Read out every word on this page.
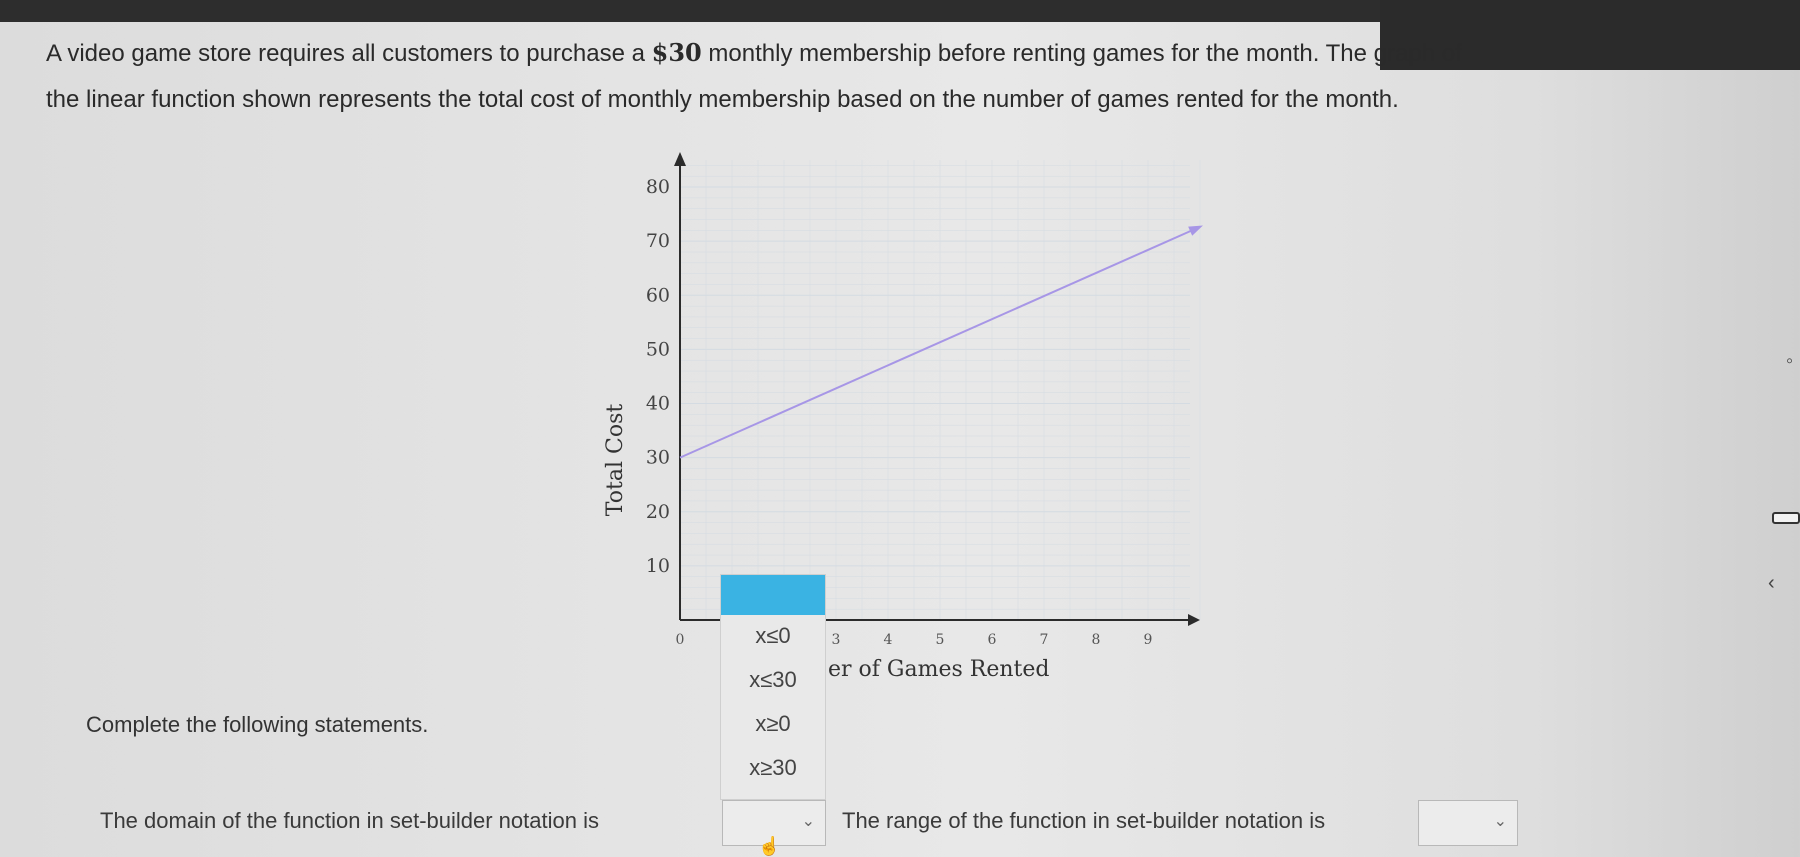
A video game store requires all customers to purchase a $30 monthly membership before renting games for the month. The graph of
the linear function shown represents the total cost of monthly membership based on the number of games rented for the month.
10
20
30
40
50
60
70
80
0	3	4	5	6	7	8	9
Total Cost
er of Games Rented
x≤0
x≤30
x≥0
x≥30
Complete the following statements.
The domain of the function in set-builder notation is	⌄ The range of the function in set-builder notation is	⌄
☝
◦
‹
